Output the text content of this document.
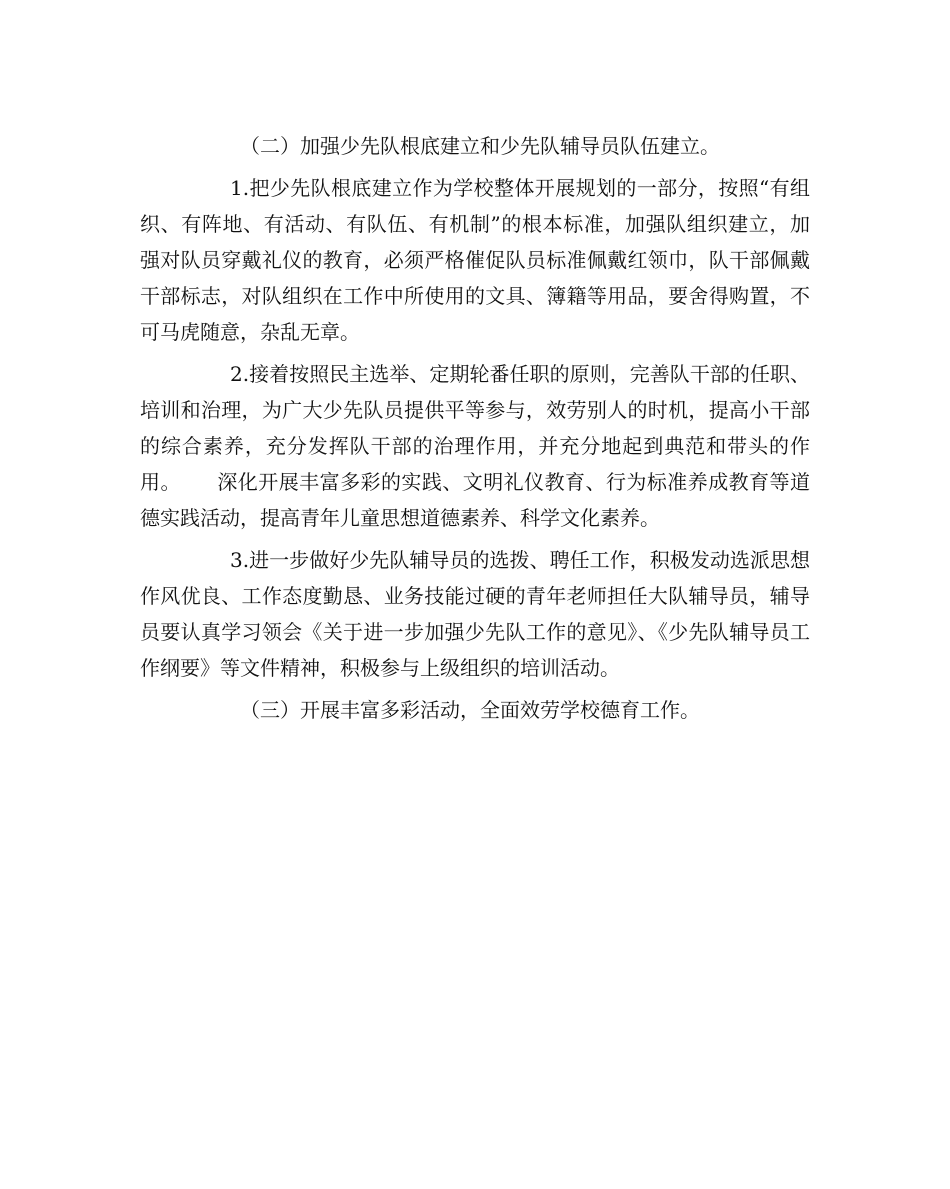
（二）加强少先队根底建立和少先队辅导员队伍建立。

1.把少先队根底建立作为学校整体开展规划的一部分，按照“有组织、有阵地、有活动、有队伍、有机制”的根本标准，加强队组织建立，加强对队员穿戴礼仪的教育，必须严格催促队员标准佩戴红领巾，队干部佩戴干部标志，对队组织在工作中所使用的文具、簿籍等用品，要舍得购置，不可马虎随意，杂乱无章。

2.接着按照民主选举、定期轮番任职的原则，完善队干部的任职、培训和治理，为广大少先队员提供平等参与，效劳别人的时机，提高小干部的综合素养，充分发挥队干部的治理作用，并充分地起到典范和带头的作用。 深化开展丰富多彩的实践、文明礼仪教育、行为标准养成教育等道德实践活动，提高青年儿童思想道德素养、科学文化素养。

3.进一步做好少先队辅导员的选拨、聘任工作，积极发动选派思想作风优良、工作态度勤恳、业务技能过硬的青年老师担任大队辅导员，辅导员要认真学习领会《关于进一步加强少先队工作的意见》、《少先队辅导员工作纲要》等文件精神，积极参与上级组织的培训活动。

（三）开展丰富多彩活动，全面效劳学校德育工作。
